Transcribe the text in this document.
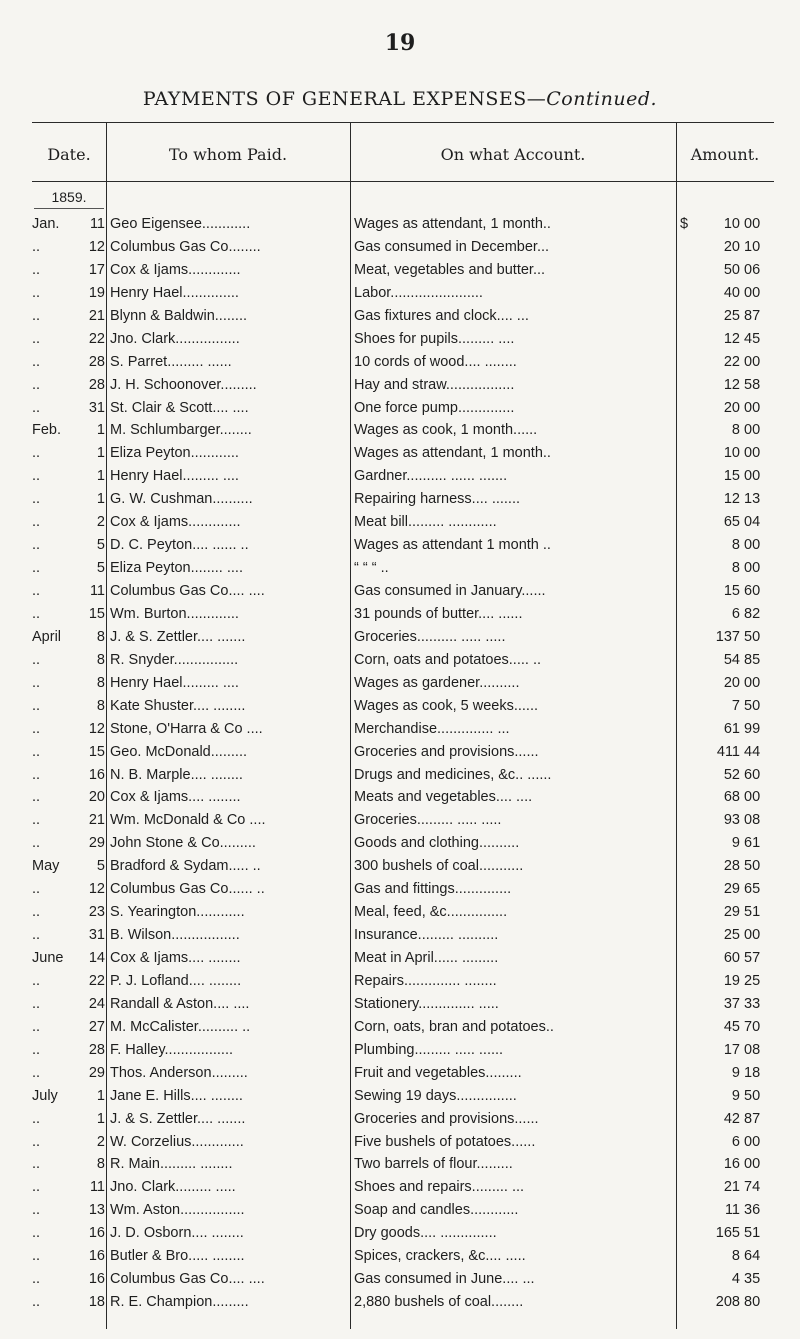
19
PAYMENTS OF GENERAL EXPENSES—Continued.
Date.	To whom Paid.	On what Account.	Amount.
1859.
Jan.	11 Geo Eigensee............	Wages as attendant, 1 month..	10 00
$
..	12 Columbus Gas Co........	Gas consumed in December...	20 10
..	17 Cox & Ijams.............	Meat, vegetables and butter...	50 06
..	19 Henry Hael..............	Labor.......................	40 00
..	21 Blynn & Baldwin........	Gas fixtures and clock.... ...	25 87
..	22 Jno. Clark................	Shoes for pupils......... ....	12 45
..	28 S. Parret......... ......	10 cords of wood.... ........	22 00
..	28 J. H. Schoonover.........	Hay and straw.................	12 58
..	31 St. Clair & Scott.... ....	One force pump..............	20 00
Feb.	1 M. Schlumbarger........	Wages as cook, 1 month......	8 00
..	1 Eliza Peyton............	Wages as attendant, 1 month..	10 00
..	1 Henry Hael......... ....	Gardner.......... ...... .......	15 00
..	1 G. W. Cushman..........	Repairing harness.... .......	12 13
..	2 Cox & Ijams.............	Meat bill......... ............	65 04
..	5 D. C. Peyton.... ...... ..	Wages as attendant 1 month ..	8 00
..	5 Eliza Peyton........ ....	“ “ “ ..	8 00
..	11 Columbus Gas Co.... ....	Gas consumed in January......	15 60
..	15 Wm. Burton.............	31 pounds of butter.... ......	6 82
April	8 J. & S. Zettler.... .......	Groceries.......... ..... .....	137 50
..	8 R. Snyder................	Corn, oats and potatoes..... ..	54 85
..	8 Henry Hael......... ....	Wages as gardener..........	20 00
..	8 Kate Shuster.... ........	Wages as cook, 5 weeks......	7 50
..	12 Stone, O'Harra & Co ....	Merchandise.............. ...	61 99
..	15 Geo. McDonald.........	Groceries and provisions......	411 44
..	16 N. B. Marple.... ........	Drugs and medicines, &c.. ......	52 60
..	20 Cox & Ijams.... ........	Meats and vegetables.... ....	68 00
..	21 Wm. McDonald & Co ....	Groceries......... ..... .....	93 08
..	29 John Stone & Co.........	Goods and clothing..........	9 61
May	5 Bradford & Sydam..... ..	300 bushels of coal...........	28 50
..	12 Columbus Gas Co...... ..	Gas and fittings..............	29 65
..	23 S. Yearington............	Meal, feed, &c...............	29 51
..	31 B. Wilson.................	Insurance......... ..........	25 00
June	14 Cox & Ijams.... ........	Meat in April...... .........	60 57
..	22 P. J. Lofland.... ........	Repairs.............. ........	19 25
..	24 Randall & Aston.... ....	Stationery.............. .....	37 33
..	27 M. McCalister.......... ..	Corn, oats, bran and potatoes..	45 70
..	28 F. Halley.................	Plumbing......... ..... ......	17 08
..	29 Thos. Anderson.........	Fruit and vegetables.........	9 18
July	1 Jane E. Hills.... ........	Sewing 19 days...............	9 50
..	1 J. & S. Zettler.... .......	Groceries and provisions......	42 87
..	2 W. Corzelius.............	Five bushels of potatoes......	6 00
..	8 R. Main......... ........	Two barrels of flour.........	16 00
..	11 Jno. Clark......... .....	Shoes and repairs......... ...	21 74
..	13 Wm. Aston................	Soap and candles............	11 36
..	16 J. D. Osborn.... ........	Dry goods.... ..............	165 51
..	16 Butler & Bro..... ........	Spices, crackers, &c.... .....	8 64
..	16 Columbus Gas Co.... ....	Gas consumed in June.... ...	4 35
..	18 R. E. Champion.........	2,880 bushels of coal........	208 80
